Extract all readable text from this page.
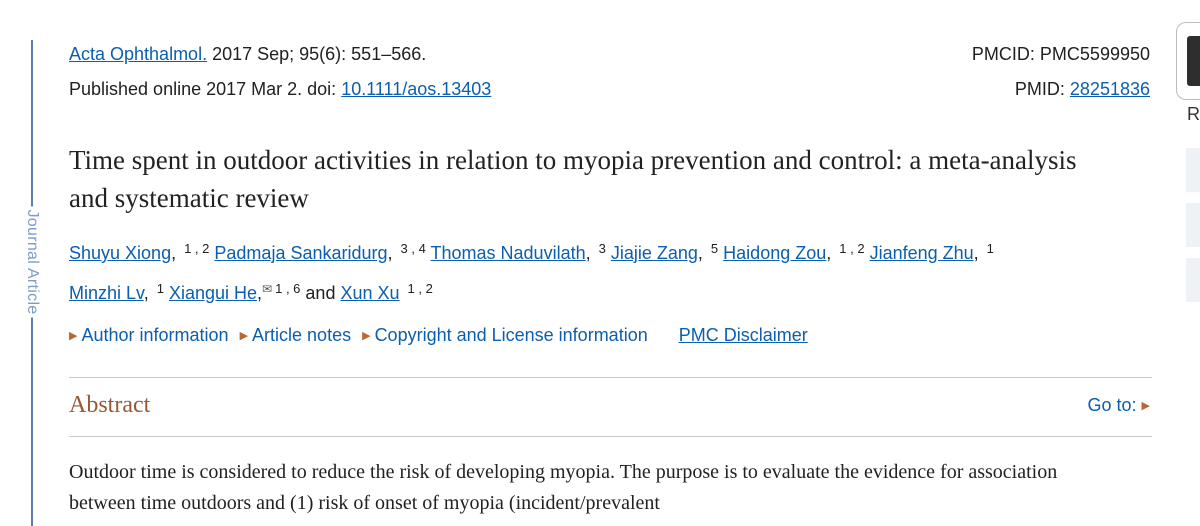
Journal Article
Acta Ophthalmol. 2017 Sep; 95(6): 551–566.	PMCID: PMC5599950
Published online 2017 Mar 2. doi: 10.1111/aos.13403	PMID: 28251836
Time spent in outdoor activities in relation to myopia prevention and control: a meta-analysis and systematic review
Shuyu Xiong, $^{1 , 2}$ Padmaja Sankaridurg, $^{3 , 4}$ Thomas Naduvilath, $^3$ Jiajie Zang, $^5$ Haidong Zou, $^{1 , 2}$ Jianfeng Zhu, $^1$
Minzhi Lv, $^1$ Xiangui He,✉ $^{1 , 6}$ and Xun Xu $^{1 , 2}$
▶ Author information ▶ Article notes ▶ Copyright and License information PMC Disclaimer
Abstract	Go to: ▶

Outdoor time is considered to reduce the risk of developing myopia. The purpose is to evaluate the evidence for association between time outdoors and (1) risk of onset of myopia (incident/prevalent

R
